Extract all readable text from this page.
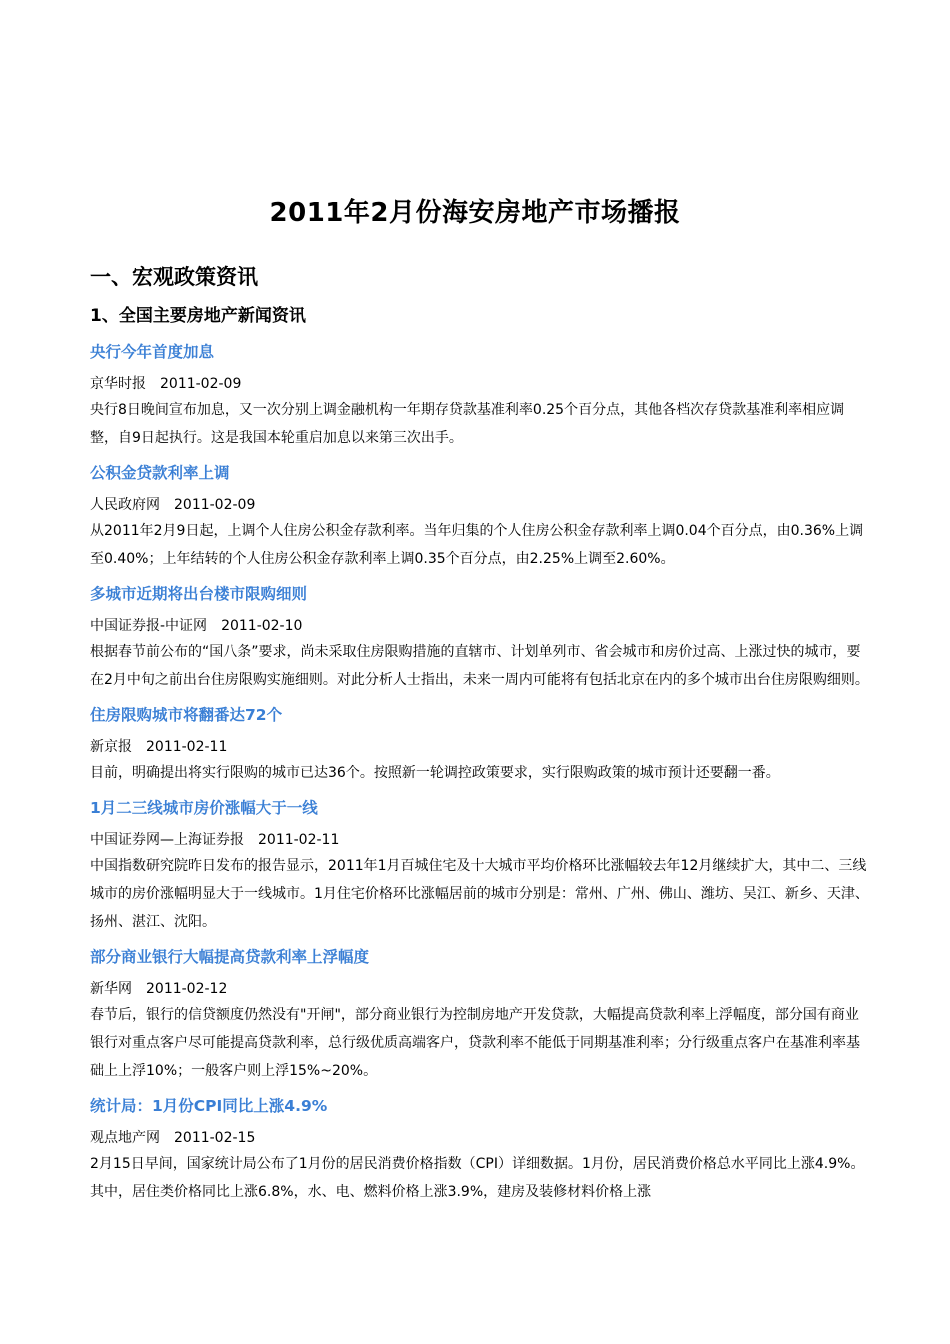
2011年2月份海安房地产市场播报
一、宏观政策资讯
1、全国主要房地产新闻资讯
央行今年首度加息
京华时报 2011-02-09
央行8日晚间宣布加息，又一次分别上调金融机构一年期存贷款基准利率0.25个百分点，其他各档次存贷款基准利率相应调整，自9日起执行。这是我国本轮重启加息以来第三次出手。
公积金贷款利率上调
人民政府网 2011-02-09
从2011年2月9日起，上调个人住房公积金存款利率。当年归集的个人住房公积金存款利率上调0.04个百分点，由0.36%上调至0.40%；上年结转的个人住房公积金存款利率上调0.35个百分点，由2.25%上调至2.60%。
多城市近期将出台楼市限购细则
中国证券报-中证网 2011-02-10
根据春节前公布的“国八条”要求，尚未采取住房限购措施的直辖市、计划单列市、省会城市和房价过高、上涨过快的城市，要在2月中旬之前出台住房限购实施细则。对此分析人士指出，未来一周内可能将有包括北京在内的多个城市出台住房限购细则。
住房限购城市将翻番达72个
新京报 2011-02-11
目前，明确提出将实行限购的城市已达36个。按照新一轮调控政策要求，实行限购政策的城市预计还要翻一番。
1月二三线城市房价涨幅大于一线
中国证券网—上海证券报 2011-02-11
中国指数研究院昨日发布的报告显示，2011年1月百城住宅及十大城市平均价格环比涨幅较去年12月继续扩大，其中二、三线城市的房价涨幅明显大于一线城市。1月住宅价格环比涨幅居前的城市分别是：常州、广州、佛山、潍坊、吴江、新乡、天津、扬州、湛江、沈阳。
部分商业银行大幅提高贷款利率上浮幅度
新华网 2011-02-12
春节后，银行的信贷额度仍然没有"开闸"，部分商业银行为控制房地产开发贷款，大幅提高贷款利率上浮幅度，部分国有商业银行对重点客户尽可能提高贷款利率，总行级优质高端客户，贷款利率不能低于同期基准利率；分行级重点客户在基准利率基础上上浮10%；一般客户则上浮15%~20%。
统计局：1月份CPI同比上涨4.9%
观点地产网 2011-02-15
2月15日早间，国家统计局公布了1月份的居民消费价格指数（CPI）详细数据。1月份，居民消费价格总水平同比上涨4.9%。其中，居住类价格同比上涨6.8%，水、电、燃料价格上涨3.9%，建房及装修材料价格上涨
